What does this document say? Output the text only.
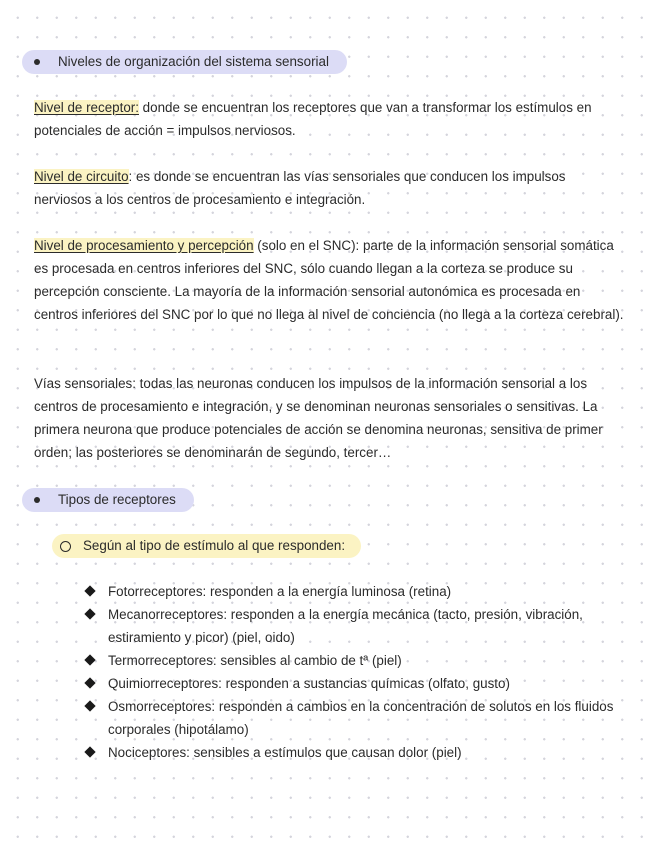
Niveles de organización del sistema sensorial

Nivel de receptor: donde se encuentran los receptores que van a transformar los estímulos en potenciales de acción = impulsos nerviosos.

Nivel de circuito: es donde se encuentran las vías sensoriales que conducen los impulsos nerviosos a los centros de procesamiento e integración.

Nivel de procesamiento y percepción (solo en el SNC): parte de la información sensorial somática es procesada en centros inferiores del SNC, sólo cuando llegan a la corteza se produce su percepción consciente. La mayoría de la información sensorial autonómica es procesada en centros inferiores del SNC por lo que no llega al nivel de conciencia (no llega a la corteza cerebral).

Vías sensoriales: todas las neuronas conducen los impulsos de la información sensorial a los centros de procesamiento e integración, y se denominan neuronas sensoriales o sensitivas. La primera neurona que produce potenciales de acción se denomina neuronas, sensitiva de primer orden; las posteriores se denominarán de segundo, tercer…

Tipos de receptores
Según al tipo de estímulo al que responden:
Fotorreceptores: responden a la energía luminosa (retina)
Mecanorreceptores: responden a la energía mecánica (tacto, presión, vibración, estiramiento y picor) (piel, oido)
Termorreceptores: sensibles al cambio de tª (piel)
Quimiorreceptores: responden a sustancias químicas (olfato, gusto)
Osmorreceptores: responden a cambios en la concentración de solutos en los fluidos corporales (hipotálamo)
Nociceptores: sensibles a estímulos que causan dolor (piel)
